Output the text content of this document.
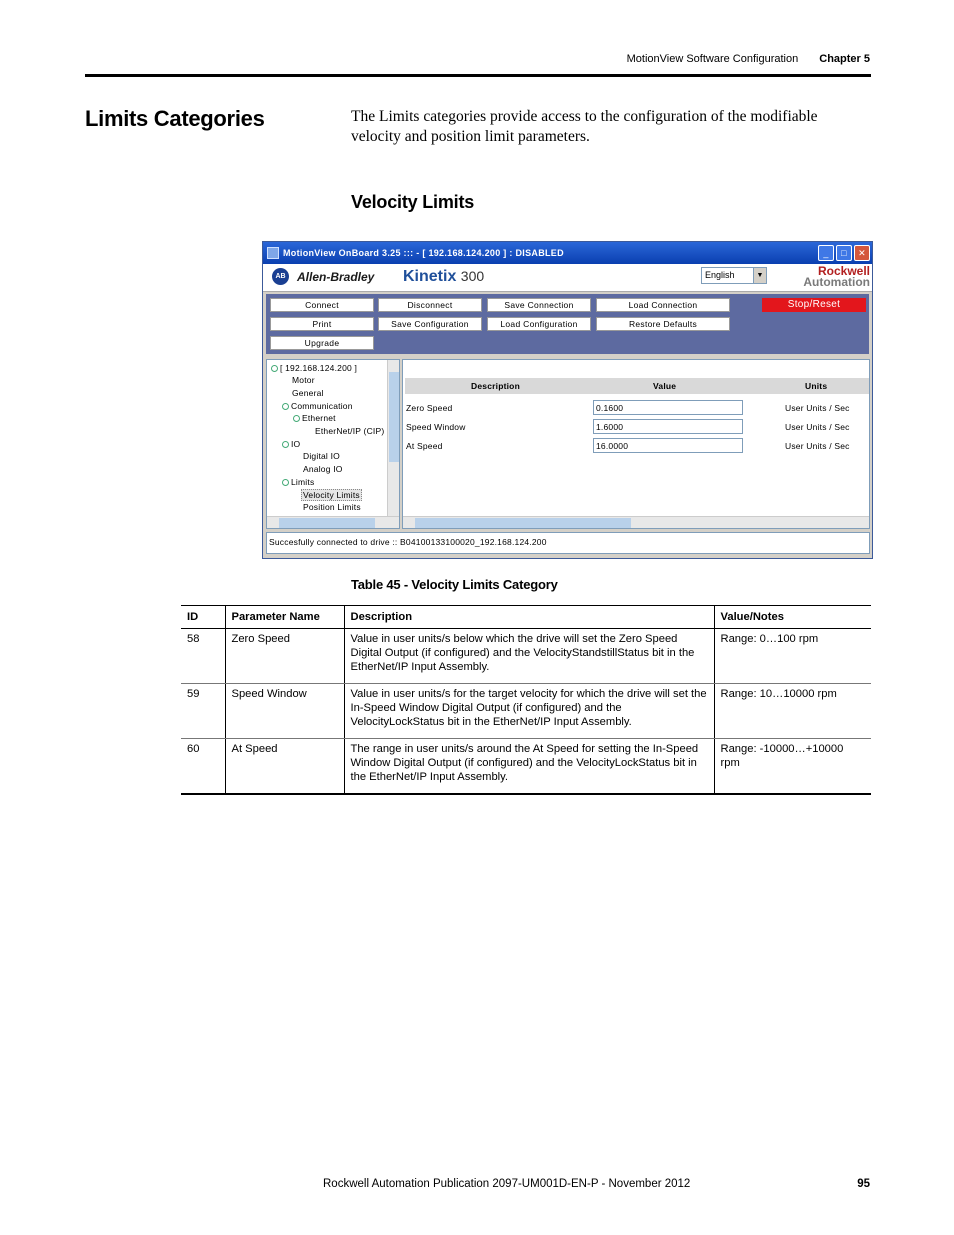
MotionView Software Configuration Chapter 5
Limits Categories	The Limits categories provide access to the configuration of the modifiable velocity and position limit parameters.
Velocity Limits
MotionView OnBoard 3.25 ::: - [ 192.168.124.200 ] : DISABLED	_	□	✕
AB Allen-Bradley Kinetix 300	English	▼	Rockwell
Automation
Connect	Disconnect	Save Connection	Load Connection	Stop/Reset
Print	Save Configuration	Load Configuration	Restore Defaults
Upgrade
[ 192.168.124.200 ]
Motor
General
Communication
Ethernet
EtherNet/IP (CIP)
IO
Digital IO
Analog IO
Limits
Velocity Limits
Position Limits
Description	Value	Units
Zero Speed	0.1600	User Units / Sec
Speed Window	1.6000	User Units / Sec
At Speed	16.0000	User Units / Sec
Succesfully connected to drive :: B04100133100020_192.168.124.200
Table 45 - Velocity Limits Category
ID	Parameter Name	Description	Value/Notes
58	Zero Speed	Value in user units/s below which the drive will set the Zero Speed Digital Output (if configured) and the VelocityStandstillStatus bit in the EtherNet/IP Input Assembly.	Range: 0…100 rpm
59	Speed Window	Value in user units/s for the target velocity for which the drive will set the In-Speed Window Digital Output (if configured) and the VelocityLockStatus bit in the EtherNet/IP Input Assembly.	Range: 10…10000 rpm
60	At Speed	The range in user units/s around the At Speed for setting the In-Speed Window Digital Output (if configured) and the VelocityLockStatus bit in the EtherNet/IP Input Assembly.	Range: -10000…+10000 rpm
Rockwell Automation Publication 2097-UM001D-EN-P - November 2012	95
